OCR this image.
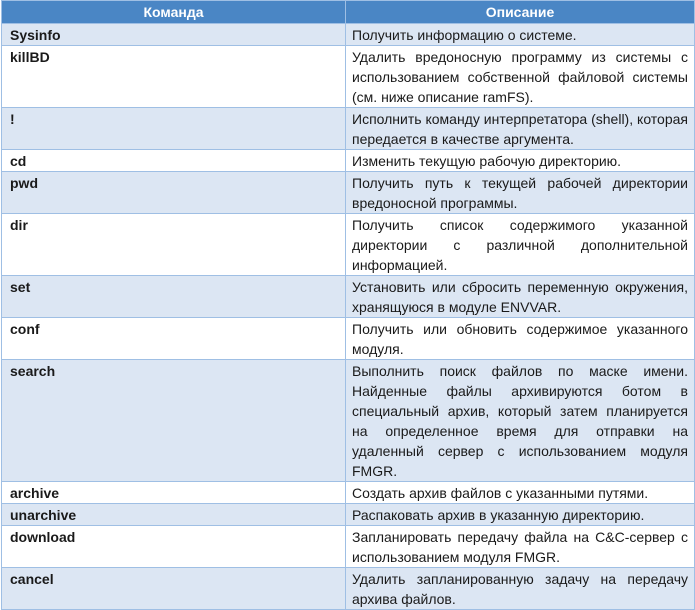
Команда	Описание
Sysinfo	Получить информацию о системе.
killBD	Удалить вредоносную программу из системы с использованием собственной файловой системы (см. ниже описание ramFS).
!	Исполнить команду интерпретатора (shell), которая передается в качестве аргумента.
cd	Изменить текущую рабочую директорию.
pwd	Получить путь к текущей рабочей директории вредоносной программы.
dir	Получить список содержимого указанной директории с различной дополнительной информацией.
set	Установить или сбросить переменную окружения, хранящуюся в модуле ENVVAR.
conf	Получить или обновить содержимое указанного модуля.
search	Выполнить поиск файлов по маске имени. Найденные файлы архивируются ботом в специальный архив, который затем планируется на определенное время для отправки на удаленный сервер с использованием модуля FMGR.
archive	Создать архив файлов с указанными путями.
unarchive	Распаковать архив в указанную директорию.
download	Запланировать передачу файла на C&C-сервер с использованием модуля FMGR.
cancel	Удалить запланированную задачу на передачу архива файлов.
